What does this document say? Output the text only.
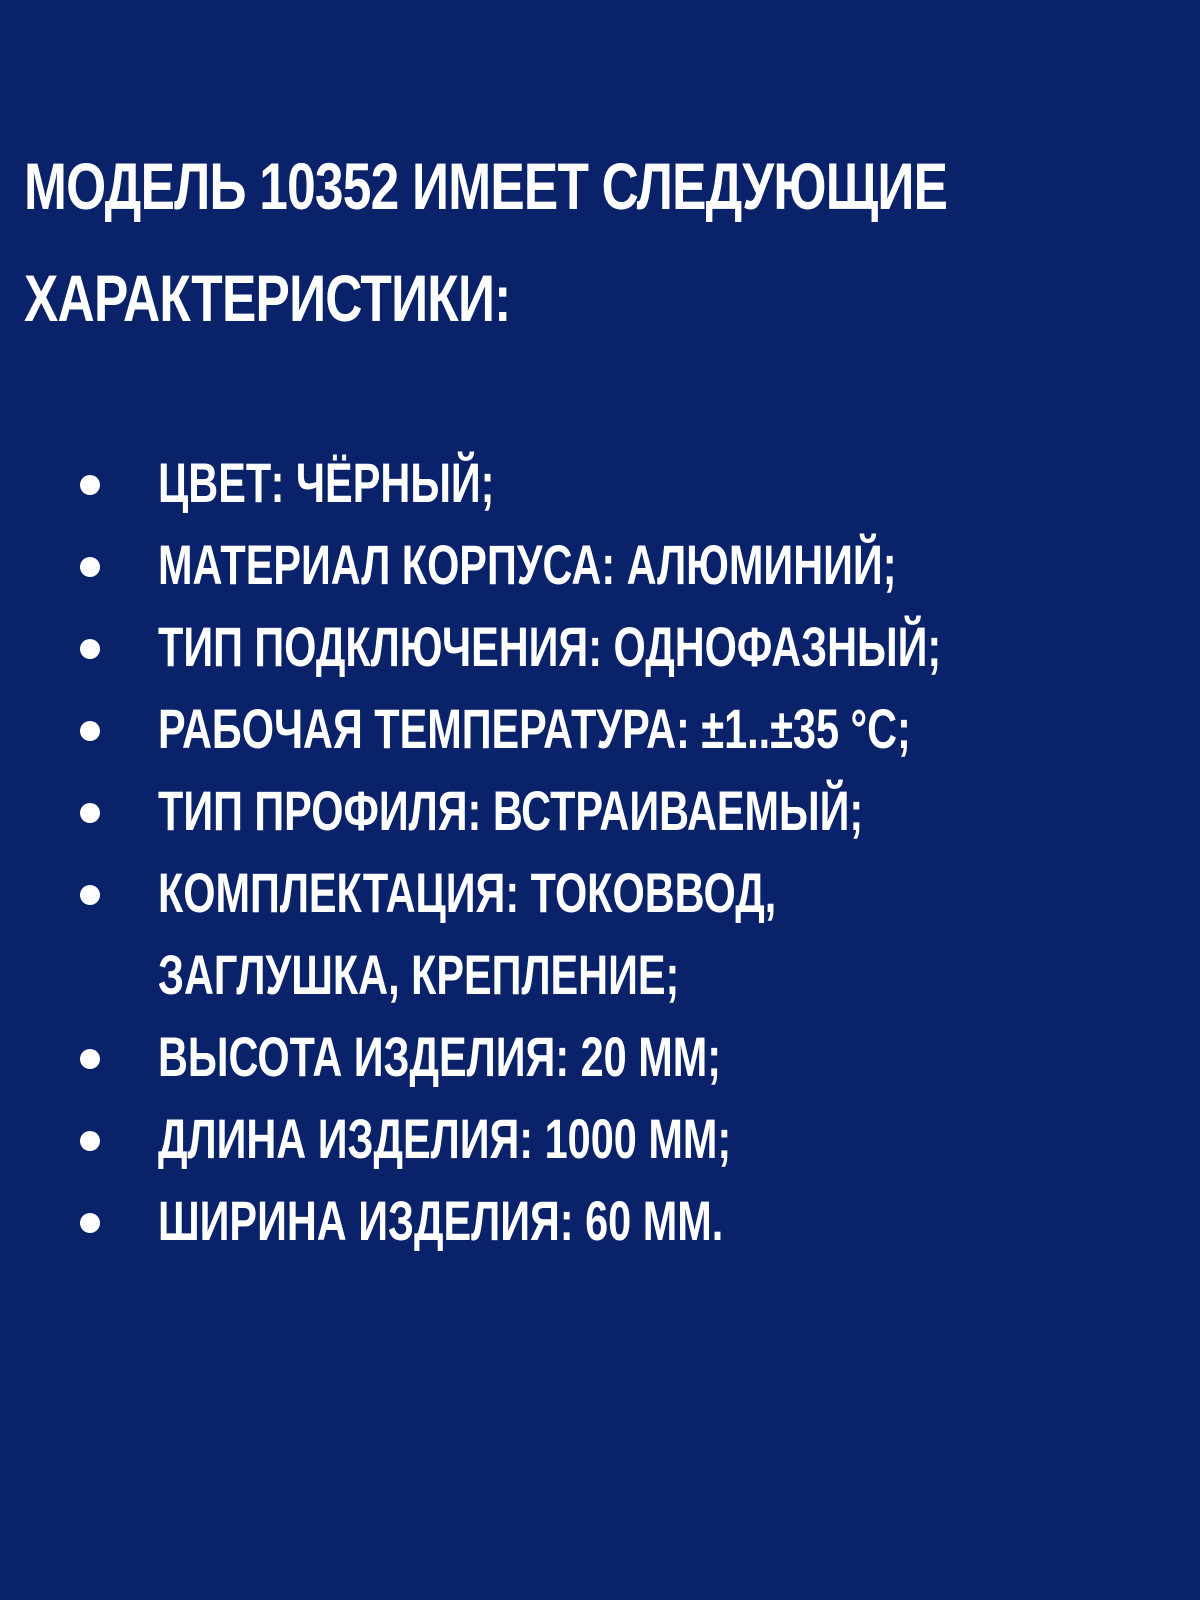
МОДЕЛЬ 10352 ИМЕЕТ СЛЕДУЮЩИЕ
ХАРАКТЕРИСТИКИ:
ЦВЕТ: ЧЁРНЫЙ;
МАТЕРИАЛ КОРПУСА: АЛЮМИНИЙ;
ТИП ПОДКЛЮЧЕНИЯ: ОДНОФАЗНЫЙ;
РАБОЧАЯ ТЕМПЕРАТУРА: ±1..±35 °C;
ТИП ПРОФИЛЯ: ВСТРАИВАЕМЫЙ;
КОМПЛЕКТАЦИЯ: ТОКОВВОД,
ЗАГЛУШКА, КРЕПЛЕНИЕ;
ВЫСОТА ИЗДЕЛИЯ: 20 ММ;
ДЛИНА ИЗДЕЛИЯ: 1000 ММ;
ШИРИНА ИЗДЕЛИЯ: 60 ММ.
